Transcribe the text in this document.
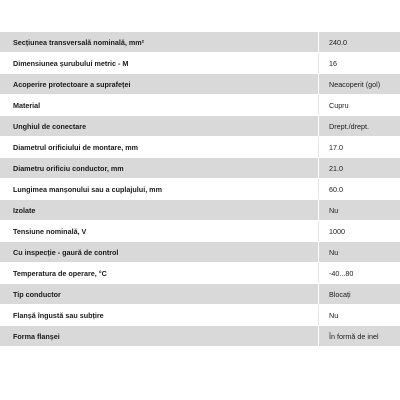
Secțiunea transversală nominală, mm²	240.0
Dimensiunea șurubului metric - M	16
Acoperire protectoare a suprafeței	Neacoperit (gol)
Material	Cupru
Unghiul de conectare	Drept./drept.
Diametrul orificiului de montare, mm	17.0
Diametru orificiu conductor, mm	21.0
Lungimea manșonului sau a cuplajului, mm	60.0
Izolate	Nu
Tensiune nominală, V	1000
Cu inspecție - gaură de control	Nu
Temperatura de operare, °C	-40...80
Tip conductor	Blocați
Flanșă îngustă sau subțire	Nu
Forma flanșei	În formă de inel
